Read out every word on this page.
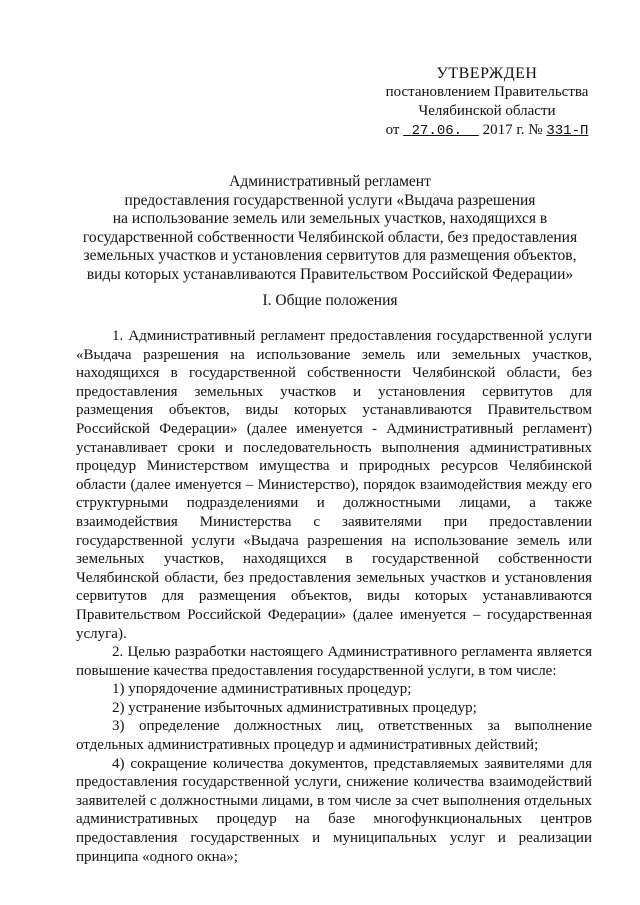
УТВЕРЖДЕН
постановлением Правительства
Челябинской области
от 27.06. 2017 г. № 331-П
Административный регламент
предоставления государственной услуги «Выдача разрешения
на использование земель или земельных участков, находящихся в
государственной собственности Челябинской области, без предоставления
земельных участков и установления сервитутов для размещения объектов,
виды которых устанавливаются Правительством Российской Федерации»
I. Общие положения

1. Административный регламент предоставления государственной услуги «Выдача разрешения на использование земель или земельных участков, находящихся в государственной собственности Челябинской области, без предоставления земельных участков и установления сервитутов для размещения объектов, виды которых устанавливаются Правительством Российской Федерации» (далее именуется - Административный регламент) устанавливает сроки и последовательность выполнения административных процедур Министерством имущества и природных ресурсов Челябинской области (далее именуется – Министерство), порядок взаимодействия между его структурными подразделениями и должностными лицами, а также взаимодействия Министерства с заявителями при предоставлении государственной услуги «Выдача разрешения на использование земель или земельных участков, находящихся в государственной собственности Челябинской области, без предоставления земельных участков и установления сервитутов для размещения объектов, виды которых устанавливаются Правительством Российской Федерации» (далее именуется – государственная услуга).

2. Целью разработки настоящего Административного регламента является повышение качества предоставления государственной услуги, в том числе:

1) упорядочение административных процедур;

2) устранение избыточных административных процедур;

3) определение должностных лиц, ответственных за выполнение отдельных административных процедур и административных действий;

4) сокращение количества документов, представляемых заявителями для предоставления государственной услуги, снижение количества взаимодействий заявителей с должностными лицами, в том числе за счет выполнения отдельных административных процедур на базе многофункциональных центров предоставления государственных и муниципальных услуг и реализации принципа «одного окна»;
